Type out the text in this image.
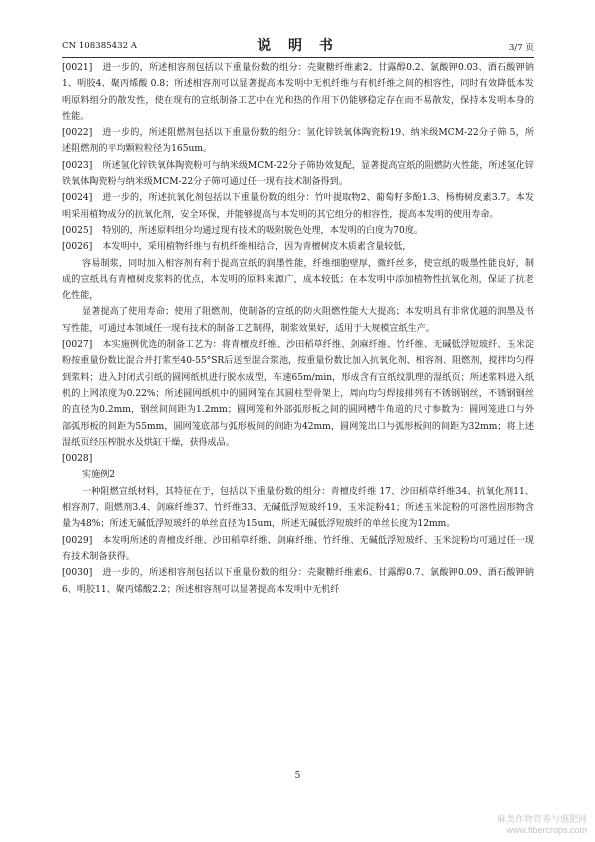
CN 108385432 A	说 明 书	3/7 页

[0021] 进一步的，所述相容剂包括以下重量份数的组分：壳聚糖纤维素2、甘露醇0.2、氯酸钾0.03、酒石酸钾钠1、明胶4、聚丙烯酸 0.8；所述相容剂可以显著提高本发明中无机纤维与有机纤维之间的相容性，同时有效降低本发明原料组分的散发性，使在现有的宣纸制备工艺中在光和热的作用下仍能够稳定存在而不易散发，保持本发明本身的性能。

[0022] 进一步的，所述阻燃剂包括以下重量份数的组分：氢化锌铁氧体陶瓷粉19、纳米级MCM-22分子筛 5，所述阻燃剂的平均颗粒粒径为165um。

[0023] 所述氢化锌铁氧体陶瓷粉可与纳米级MCM-22分子筛协效复配，显著提高宣纸的阻燃防火性能，所述氢化锌铁氧体陶瓷粉与纳米级MCM-22分子筛可通过任一现有技术制备得到。

[0024] 进一步的，所述抗氧化剂包括以下重量份数的组分：竹叶提取物2、葡萄籽多酚1.3、杨梅树皮素3.7。本发明采用植物成分的抗氧化剂，安全环保，并能够提高与本发明的其它组分的相容性，提高本发明的使用寿命。

[0025] 特别的，所述原料组分均通过现有技术的吸附脱色处理，本发明的白度为70度。

[0026] 本发明中，采用植物纤维与有机纤维相结合，因为青檀树皮木质素含量较低，

容易制浆，同时加入相容剂有利于提高宣纸的润墨性能，纤维细胞壁厚，微纤丝多，使宣纸的吸墨性能良好，制成的宣纸具有青檀树皮浆料的优点，本发明的原料来源广，成本较低；在本发明中添加植物性抗氧化剂，保证了抗老化性能，

显著提高了使用寿命；使用了阻燃剂，使制备的宣纸的防火阻燃性能大大提高；本发明具有非常优越的润墨及书写性能，可通过本领域任一现有技术的制备工艺制得，制浆效果好，适用于大规模宣纸生产。

[0027] 本实施例优选的制备工艺为：将青檀皮纤维、沙田稻草纤维、剑麻纤维、竹纤维、无碱低浮短玻纤、玉米淀粉按重量份数比混合并打浆至40-55°SR后送至混合浆池，按重量份数比加入抗氧化剂、相容剂、阻燃剂，搅拌均匀得到浆料；进入封闭式引纸的圆网纸机进行脱水成型，车速65m/min，形成含有宣纸纹肌理的湿纸页；所述浆料进入纸机的上网浓度为0.22%；所述圆网纸机中的圆网笼在其圆柱型骨架上，周向均匀焊接排列有不锈钢钢丝，不锈钢钢丝的直径为0.2mm，钢丝间间距为1.2mm；圆网笼和外部弧形板之间的圆网槽牛角道的尺寸参数为：圆网笼进口与外部弧形板的间距为55mm，圆网笼底部与弧形板间的间距为42mm，圆网笼出口与弧形板间的间距为32mm；将上述湿纸页经压榨脱水及烘缸干燥，获得成品。

[0028]

实施例2

一种阻燃宣纸材料，其特征在于，包括以下重量份数的组分：青檀皮纤维 17、沙田稻草纤维34、抗氧化剂11、相容剂7、阻燃剂3.4、剑麻纤维37、竹纤维33、无碱低浮短玻纤19、玉米淀粉41；所述玉米淀粉的可溶性固形物含量为48%；所述无碱低浮短玻纤的单丝直径为15um，所述无碱低浮短玻纤的单丝长度为12mm。

[0029] 本发明所述的青檀皮纤维、沙田稻草纤维、剑麻纤维、竹纤维、无碱低浮短玻纤、玉米淀粉均可通过任一现有技术制备获得。

[0030] 进一步的，所述相容剂包括以下重量份数的组分：壳聚糖纤维素6、甘露醇0.7、氯酸钾0.09、酒石酸钾钠6、明胶11、聚丙烯酸2.2；所述相容剂可以显著提高本发明中无机纤

5
麻类作物营养与施肥网
www.fibercrops.com
